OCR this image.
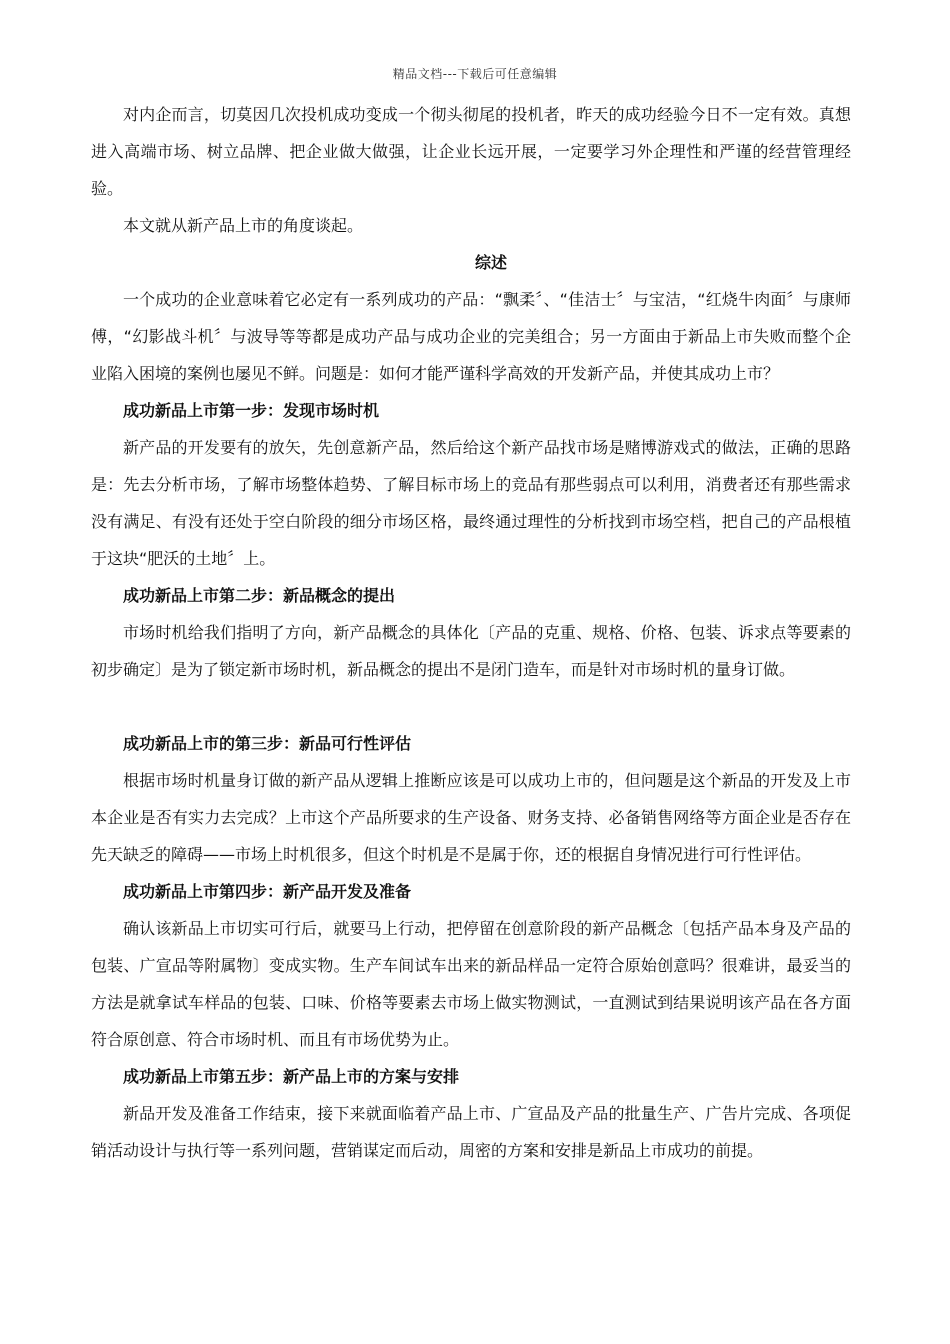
精品文档---下载后可任意编辑

对内企而言，切莫因几次投机成功变成一个彻头彻尾的投机者，昨天的成功经验今日不一定有效。真想进入高端市场、树立品牌、把企业做大做强，让企业长远开展，一定要学习外企理性和严谨的经营管理经验。

本文就从新产品上市的角度谈起。

综述

一个成功的企业意味着它必定有一系列成功的产品：“飘柔〞、“佳洁士〞与宝洁，“红烧牛肉面〞与康师傅，“幻影战斗机〞与波导等等都是成功产品与成功企业的完美组合；另一方面由于新品上市失败而整个企业陷入困境的案例也屡见不鲜。问题是：如何才能严谨科学高效的开发新产品，并使其成功上市？

成功新品上市第一步：发现市场时机

新产品的开发要有的放矢，先创意新产品，然后给这个新产品找市场是赌博游戏式的做法，正确的思路是：先去分析市场，了解市场整体趋势、了解目标市场上的竞品有那些弱点可以利用，消费者还有那些需求没有满足、有没有还处于空白阶段的细分市场区格，最终通过理性的分析找到市场空档，把自己的产品根植于这块“肥沃的土地〞上。

成功新品上市第二步：新品概念的提出

市场时机给我们指明了方向，新产品概念的具体化〔产品的克重、规格、价格、包装、诉求点等要素的初步确定〕是为了锁定新市场时机，新品概念的提出不是闭门造车，而是针对市场时机的量身订做。

成功新品上市的第三步：新品可行性评估

根据市场时机量身订做的新产品从逻辑上推断应该是可以成功上市的，但问题是这个新品的开发及上市本企业是否有实力去完成？上市这个产品所要求的生产设备、财务支持、必备销售网络等方面企业是否存在先天缺乏的障碍——市场上时机很多，但这个时机是不是属于你，还的根据自身情况进行可行性评估。

成功新品上市第四步：新产品开发及准备

确认该新品上市切实可行后，就要马上行动，把停留在创意阶段的新产品概念〔包括产品本身及产品的包装、广宣品等附属物〕变成实物。生产车间试车出来的新品样品一定符合原始创意吗？很难讲，最妥当的方法是就拿试车样品的包装、口味、价格等要素去市场上做实物测试，一直测试到结果说明该产品在各方面符合原创意、符合市场时机、而且有市场优势为止。

成功新品上市第五步：新产品上市的方案与安排

新品开发及准备工作结束，接下来就面临着产品上市、广宣品及产品的批量生产、广告片完成、各项促销活动设计与执行等一系列问题，营销谋定而后动，周密的方案和安排是新品上市成功的前提。
